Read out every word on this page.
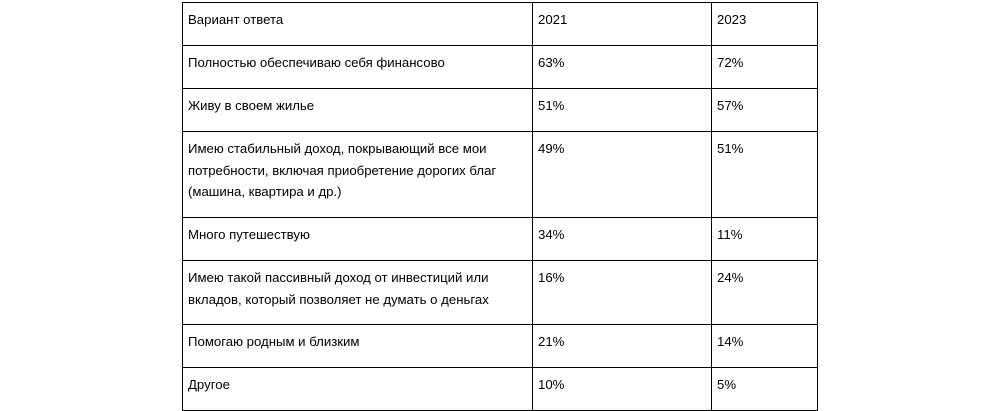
Вариант ответа	2021	2023
Полностью обеспечиваю себя финансово	63%	72%
Живу в своем жилье	51%	57%
Имею стабильный доход, покрывающий все мои потребности, включая приобретение дорогих благ (машина, квартира и др.)	49%	51%
Много путешествую	34%	11%
Имею такой пассивный доход от инвестиций или вкладов, который позволяет не думать о деньгах	16%	24%
Помогаю родным и близким	21%	14%
Другое	10%	5%
